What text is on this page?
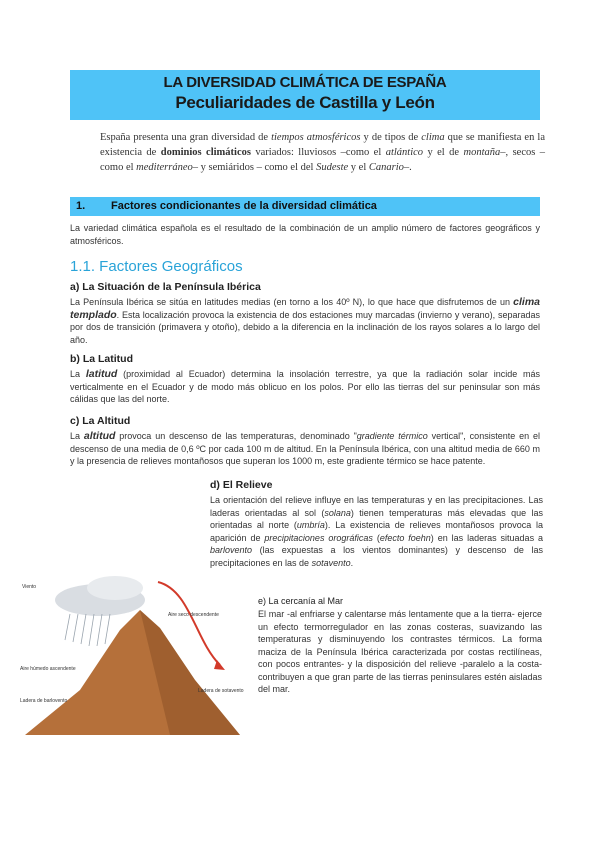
LA DIVERSIDAD CLIMÁTICA DE ESPAÑA
Peculiaridades de Castilla y León

España presenta una gran diversidad de tiempos atmosféricos y de tipos de clima que se manifiesta en la existencia de dominios climáticos variados: lluviosos –como el atlántico y el de montaña–, secos – como el mediterráneo– y semiáridos – como el del Sudeste y el Canario–.

1. Factores condicionantes de la diversidad climática

La variedad climática española es el resultado de la combinación de un amplio número de factores geográficos y atmosféricos.

1.1. Factores Geográficos
a) La Situación de la Península Ibérica

La Península Ibérica se sitúa en latitudes medias (en torno a los 40º N), lo que hace que disfrutemos de un clima templado. Esta localización provoca la existencia de dos estaciones muy marcadas (invierno y verano), separadas por dos de transición (primavera y otoño), debido a la diferencia en la inclinación de los rayos solares a lo largo del año.

b) La Latitud

La latitud (proximidad al Ecuador) determina la insolación terrestre, ya que la radiación solar incide más verticalmente en el Ecuador y de modo más oblicuo en los polos. Por ello las tierras del sur peninsular son más cálidas que las del norte.

c) La Altitud

La altitud provoca un descenso de las temperaturas, denominado "gradiente térmico vertical", consistente en el descenso de una media de 0,6 ºC por cada 100 m de altitud. En la Península Ibérica, con una altitud media de 660 m y la presencia de relieves montañosos que superan los 1000 m, este gradiente térmico se hace patente.

d) El Relieve

La orientación del relieve influye en las temperaturas y en las precipitaciones. Las laderas orientadas al sol (solana) tienen temperaturas más elevadas que las orientadas al norte (umbría). La existencia de relieves montañosos provoca la aparición de precipitaciones orográficas (efecto foehn) en las laderas situadas a barlovento (las expuestas a los vientos dominantes) y descenso de las precipitaciones en las de sotavento.

e) La cercanía al Mar

El mar -al enfriarse y calentarse más lentamente que a la tierra- ejerce un efecto termorregulador en las zonas costeras, suavizando las temperaturas y disminuyendo los contrastes térmicos. La forma maciza de la Península Ibérica caracterizada por costas rectilíneas, con pocos entrantes- y la disposición del relieve -paralelo a la costa- contribuyen a que gran parte de las tierras peninsulares estén aisladas del mar.

Viento
Aire seco descendente
Aire húmedo ascendente
Ladera de barlovento
Ladera de sotavento
